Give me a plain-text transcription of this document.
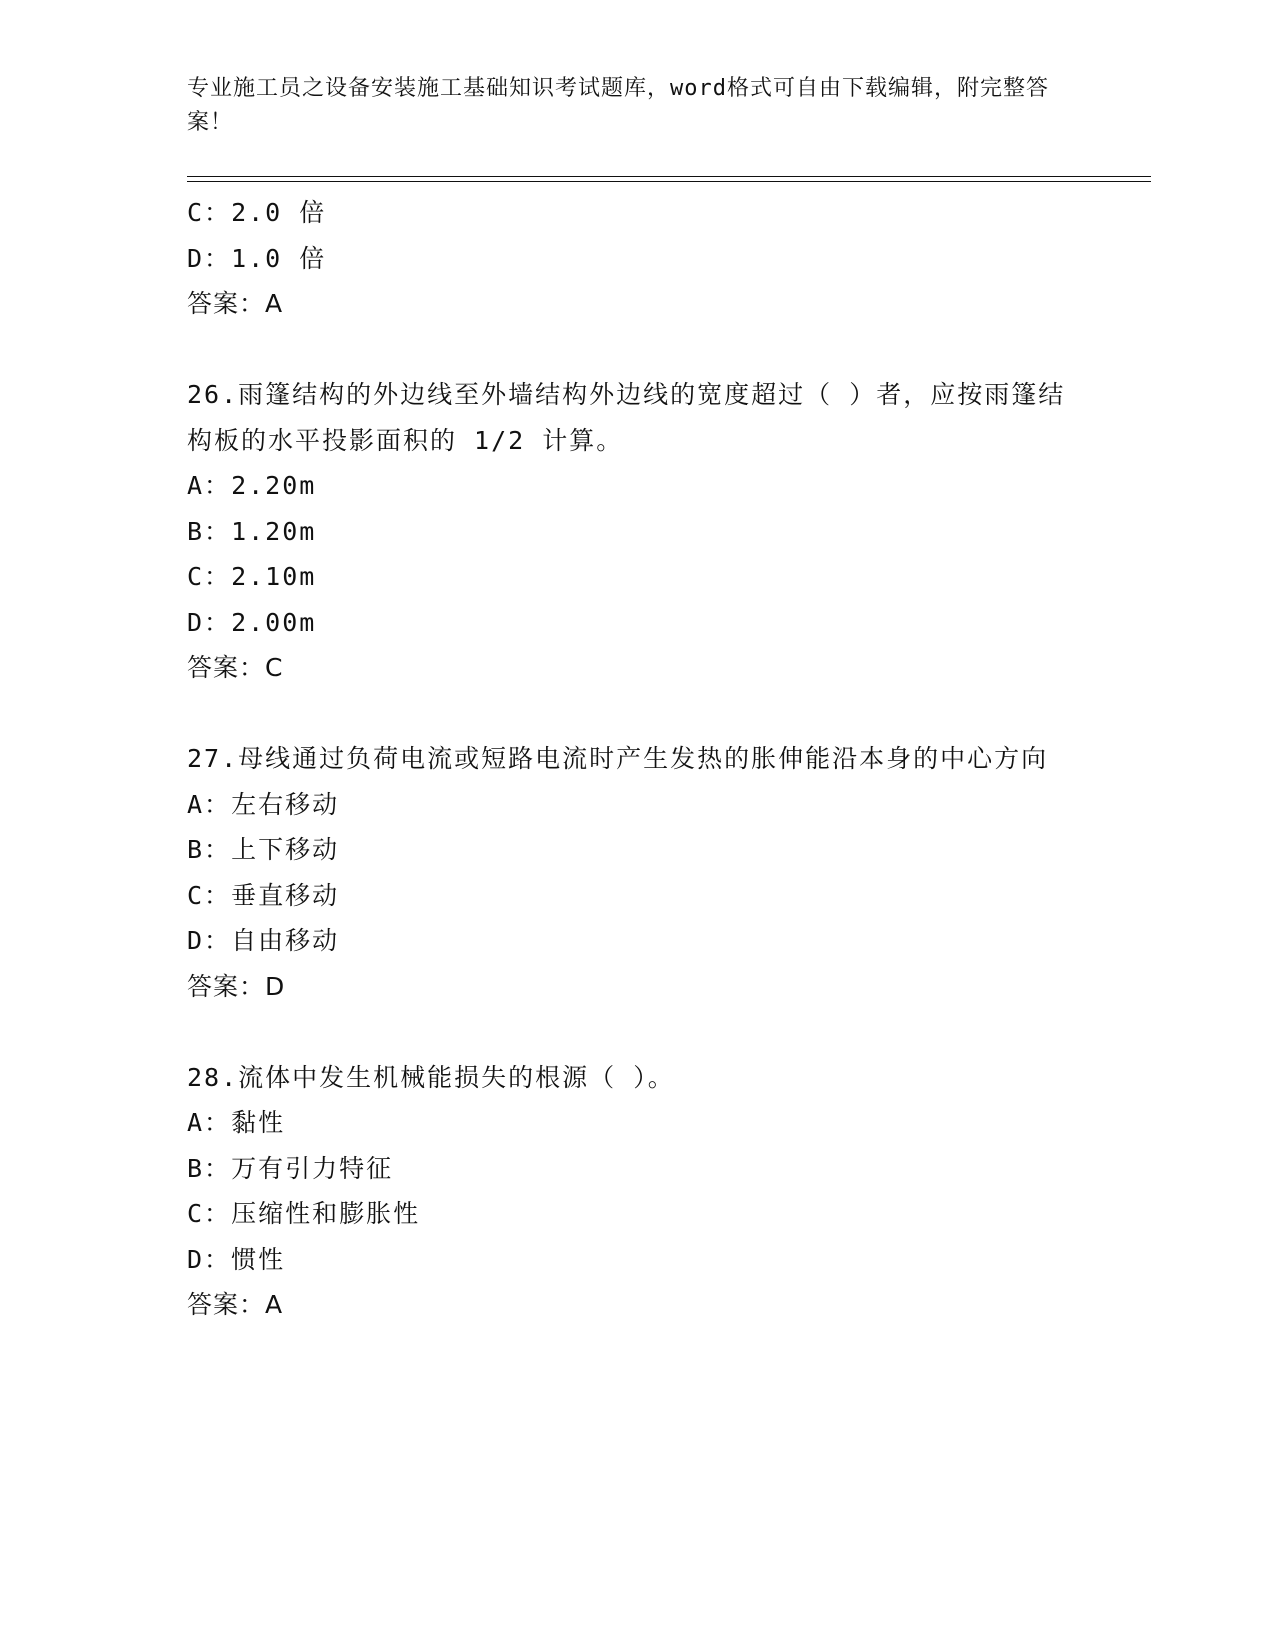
专业施工员之设备安装施工基础知识考试题库，word格式可自由下载编辑，附完整答案！
C：2.0 倍
D：1.0 倍
答案：A
26.雨篷结构的外边线至外墙结构外边线的宽度超过（ ）者，应按雨篷结构板的水平投影面积的 1/2 计算。
A：2.20m
B：1.20m
C：2.10m
D：2.00m
答案：C
27.母线通过负荷电流或短路电流时产生发热的胀伸能沿本身的中心方向
A：左右移动
B：上下移动
C：垂直移动
D：自由移动
答案：D
28.流体中发生机械能损失的根源（ ）。
A：黏性
B：万有引力特征
C：压缩性和膨胀性
D：惯性
答案：A
